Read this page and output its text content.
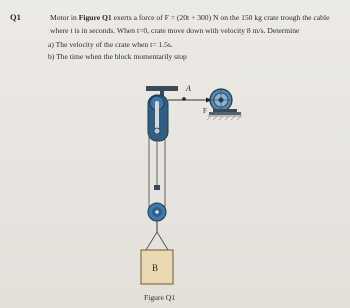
Q1	Motor in Figure Q1 exerts a force of F = (20t + 300) N on the 150 kg crate trough the cable where t is in seconds. When t=0, crate move down with velocity 8 m/s. Determine
a) The velocity of the crate when t= 1.5s.
b) The time when the block momentarily stop
A
F
B
Figure Q1
